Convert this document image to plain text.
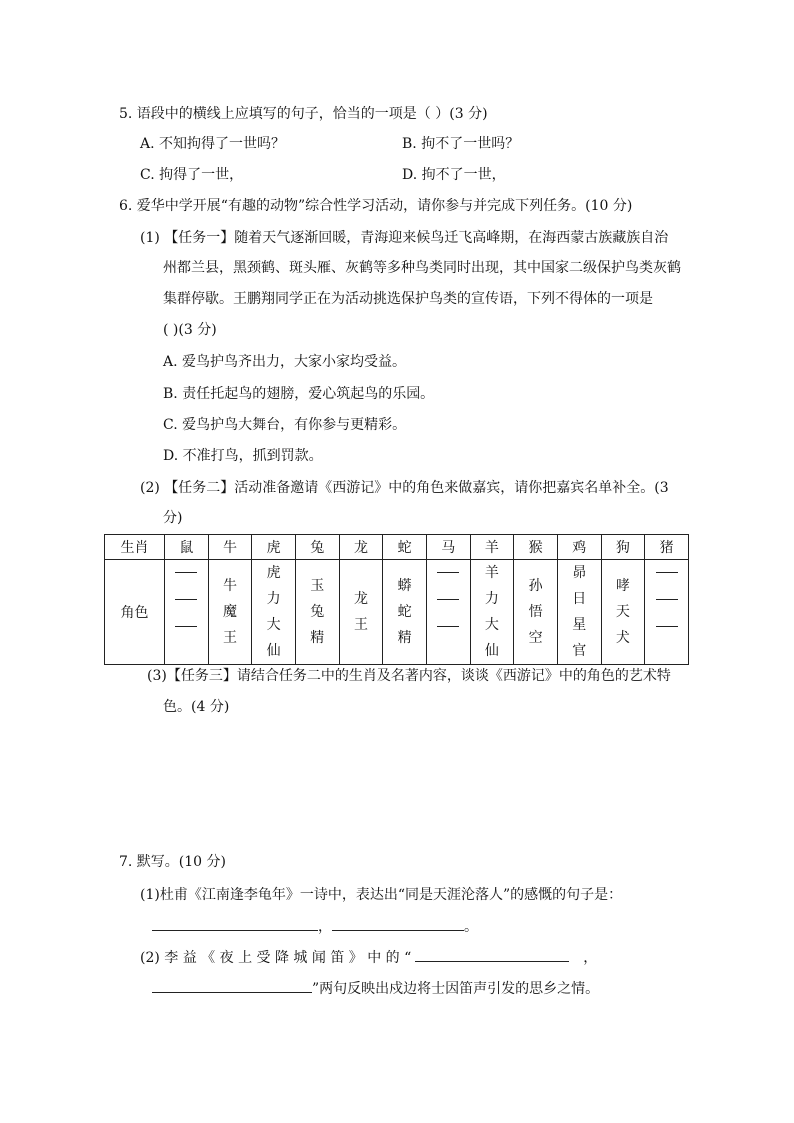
5. 语段中的横线上应填写的句子，恰当的一项是（ ）(3 分)
A. 不知拘得了一世吗？	B. 拘不了一世吗？
C. 拘得了一世，	D. 拘不了一世，
6. 爱华中学开展“有趣的动物”综合性学习活动，请你参与并完成下列任务。(10 分)
(1) 【任务一】随着天气逐渐回暖，青海迎来候鸟迁飞高峰期，在海西蒙古族藏族自治
州都兰县，黑颈鹤、斑头雁、灰鹤等多种鸟类同时出现，其中国家二级保护鸟类灰鹤
集群停歇。王鹏翔同学正在为活动挑选保护鸟类的宣传语，下列不得体的一项是
( )(3 分)
A. 爱鸟护鸟齐出力，大家小家均受益。
B. 责任托起鸟的翅膀，爱心筑起鸟的乐园。
C. 爱鸟护鸟大舞台，有你参与更精彩。
D. 不准打鸟，抓到罚款。
(2) 【任务二】活动准备邀请《西游记》中的角色来做嘉宾，请你把嘉宾名单补全。(3
分)
生肖	鼠	牛	虎	兔	龙	蛇	马	羊	猴	鸡	狗	猪
角色		牛魔王	虎力大仙	玉兔精	龙王	蟒蛇精		羊力大仙	孙悟空	昴日星官	哮天犬	
(3)【任务三】请结合任务二中的生肖及名著内容，谈谈《西游记》中的角色的艺术特
色。(4 分)
7. 默写。(10 分)
(1)杜甫《江南逢李龟年》一诗中，表达出“同是天涯沦落人”的感慨的句子是：
，	。
(2) 李 益 《 夜 上 受 降 城 闻 笛 》 中 的 “	，
”两句反映出戍边将士因笛声引发的思乡之情。
